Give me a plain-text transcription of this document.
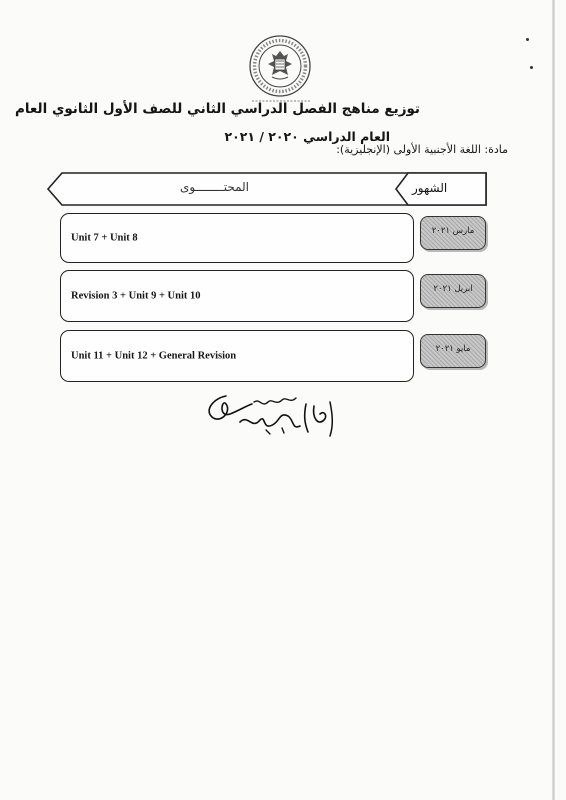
توزيع مناهج الفصل الدراسي الثاني للصف الأول الثانوي العام
العام الدراسي ٢٠٢٠ / ٢٠٢١
مادة: اللغة الأجنبية الأولى (الإنجليزية):
الشهور
المحتــــــــوى
Unit 7 + Unit 8
مارس ٢٠٢١
Revision 3 + Unit 9 + Unit 10
ابريل ٢٠٢١
Unit 11 + Unit 12 + General Revision
مايو ٢٠٢١
